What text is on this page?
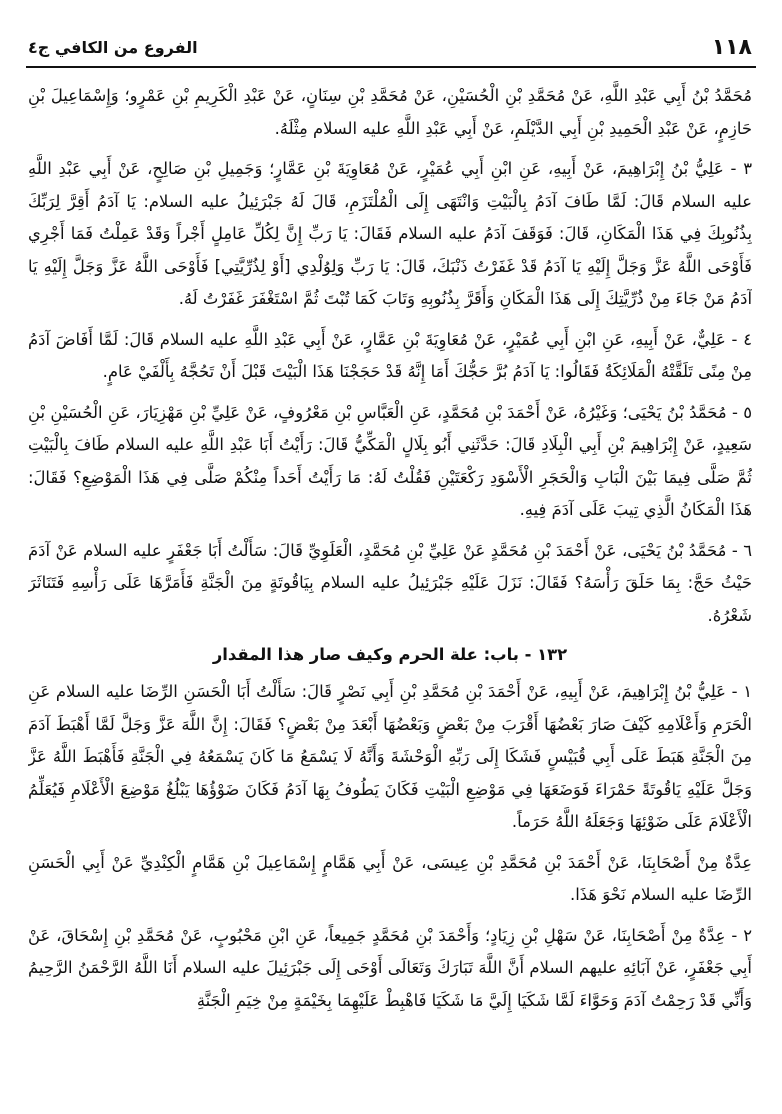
١١٨
الفروع من الكافي ج٤

مُحَمَّدُ بْنُ أَبِي عَبْدِ اللَّهِ، عَنْ مُحَمَّدِ بْنِ الْحُسَيْنِ، عَنْ مُحَمَّدِ بْنِ سِنَانٍ، عَنْ عَبْدِ الْكَرِيمِ بْنِ عَمْرٍو؛ وَإِسْمَاعِيلَ بْنِ حَازِمٍ، عَنْ عَبْدِ الْحَمِيدِ بْنِ أَبِي الدَّيْلَمِ، عَنْ أَبِي عَبْدِ اللَّهِ عليه السلام مِثْلَهُ.

٣ - عَلِيُّ بْنُ إِبْرَاهِيمَ، عَنْ أَبِيهِ، عَنِ ابْنِ أَبِي عُمَيْرٍ، عَنْ مُعَاوِيَةَ بْنِ عَمَّارٍ؛ وَجَمِيلِ بْنِ صَالِحٍ، عَنْ أَبِي عَبْدِ اللَّهِ عليه السلام قَالَ: لَمَّا طَافَ آدَمُ بِالْبَيْتِ وَانْتَهَى إِلَى الْمُلْتَزَمِ، قَالَ لَهُ جَبْرَئِيلُ عليه السلام: يَا آدَمُ أَقِرَّ لِرَبِّكَ بِذُنُوبِكَ فِي هَذَا الْمَكَانِ، قَالَ: فَوَقَفَ آدَمُ عليه السلام فَقَالَ: يَا رَبِّ إِنَّ لِكُلِّ عَامِلٍ أَجْراً وَقَدْ عَمِلْتُ فَمَا أَجْرِي فَأَوْحَى اللَّهُ عَزَّ وَجَلَّ إِلَيْهِ يَا آدَمُ قَدْ غَفَرْتُ ذَنْبَكَ، قَالَ: يَا رَبِّ وَلِوُلْدِي [أَوْ لِذُرِّيَّتِي] فَأَوْحَى اللَّهُ عَزَّ وَجَلَّ إِلَيْهِ يَا آدَمُ مَنْ جَاءَ مِنْ ذُرِّيَّتِكَ إِلَى هَذَا الْمَكَانِ وَأَقَرَّ بِذُنُوبِهِ وَتَابَ كَمَا تُبْتَ ثُمَّ اسْتَغْفَرَ غَفَرْتُ لَهُ.

٤ - عَلِيٌّ، عَنْ أَبِيهِ، عَنِ ابْنِ أَبِي عُمَيْرٍ، عَنْ مُعَاوِيَةَ بْنِ عَمَّارٍ، عَنْ أَبِي عَبْدِ اللَّهِ عليه السلام قَالَ: لَمَّا أَفَاضَ آدَمُ مِنْ مِنًى تَلَقَّتْهُ الْمَلَائِكَةُ فَقَالُوا: يَا آدَمُ بُرَّ حَجُّكَ أَمَا إِنَّهُ قَدْ حَجَجْنَا هَذَا الْبَيْتَ قَبْلَ أَنْ تَحُجَّهُ بِأَلْفَيْ عَامٍ.

٥ - مُحَمَّدُ بْنُ يَحْيَى؛ وَغَيْرُهُ، عَنْ أَحْمَدَ بْنِ مُحَمَّدٍ، عَنِ الْعَبَّاسِ بْنِ مَعْرُوفٍ، عَنْ عَلِيِّ بْنِ مَهْزِيَارَ، عَنِ الْحُسَيْنِ بْنِ سَعِيدٍ، عَنْ إِبْرَاهِيمَ بْنِ أَبِي الْبِلَادِ قَالَ: حَدَّثَنِي أَبُو بِلَالٍ الْمَكِّيُّ قَالَ: رَأَيْتُ أَبَا عَبْدِ اللَّهِ عليه السلام طَافَ بِالْبَيْتِ ثُمَّ صَلَّى فِيمَا بَيْنَ الْبَابِ وَالْحَجَرِ الْأَسْوَدِ رَكْعَتَيْنِ فَقُلْتُ لَهُ: مَا رَأَيْتُ أَحَداً مِنْكُمْ صَلَّى فِي هَذَا الْمَوْضِعِ؟ فَقَالَ: هَذَا الْمَكَانُ الَّذِي تِيبَ عَلَى آدَمَ فِيهِ.

٦ - مُحَمَّدُ بْنُ يَحْيَى، عَنْ أَحْمَدَ بْنِ مُحَمَّدٍ عَنْ عَلِيِّ بْنِ مُحَمَّدٍ، الْعَلَوِيِّ قَالَ: سَأَلْتُ أَبَا جَعْفَرٍ عليه السلام عَنْ آدَمَ حَيْثُ حَجَّ: بِمَا حَلَقَ رَأْسَهُ؟ فَقَالَ: نَزَلَ عَلَيْهِ جَبْرَئِيلُ عليه السلام بِيَاقُوتَةٍ مِنَ الْجَنَّةِ فَأَمَرَّهَا عَلَى رَأْسِهِ فَتَنَاثَرَ شَعْرُهُ.

١٣٢ - باب: علة الحرم وكيف صار هذا المقدار

١ - عَلِيُّ بْنُ إِبْرَاهِيمَ، عَنْ أَبِيهِ، عَنْ أَحْمَدَ بْنِ مُحَمَّدِ بْنِ أَبِي نَصْرٍ قَالَ: سَأَلْتُ أَبَا الْحَسَنِ الرِّضَا عليه السلام عَنِ الْحَرَمِ وَأَعْلَامِهِ كَيْفَ صَارَ بَعْضُهَا أَقْرَبَ مِنْ بَعْضٍ وَبَعْضُهَا أَبْعَدَ مِنْ بَعْضٍ؟ فَقَالَ: إِنَّ اللَّهَ عَزَّ وَجَلَّ لَمَّا أَهْبَطَ آدَمَ مِنَ الْجَنَّةِ هَبَطَ عَلَى أَبِي قُبَيْسٍ فَشَكَا إِلَى رَبِّهِ الْوَحْشَةَ وَأَنَّهُ لَا يَسْمَعُ مَا كَانَ يَسْمَعُهُ فِي الْجَنَّةِ فَأَهْبَطَ اللَّهُ عَزَّ وَجَلَّ عَلَيْهِ يَاقُوتَةً حَمْرَاءَ فَوَضَعَهَا فِي مَوْضِعِ الْبَيْتِ فَكَانَ يَطُوفُ بِهَا آدَمُ فَكَانَ ضَوْؤُهَا يَبْلُغُ مَوْضِعَ الْأَعْلَامِ فَيُعَلِّمُ الْأَعْلَامَ عَلَى ضَوْئِهَا وَجَعَلَهُ اللَّهُ حَرَماً.

عِدَّةٌ مِنْ أَصْحَابِنَا، عَنْ أَحْمَدَ بْنِ مُحَمَّدِ بْنِ عِيسَى، عَنْ أَبِي هَمَّامٍ إِسْمَاعِيلَ بْنِ هَمَّامٍ الْكِنْدِيِّ عَنْ أَبِي الْحَسَنِ الرِّضَا عليه السلام نَحْوَ هَذَا.

٢ - عِدَّةٌ مِنْ أَصْحَابِنَا، عَنْ سَهْلِ بْنِ زِيَادٍ؛ وَأَحْمَدَ بْنِ مُحَمَّدٍ جَمِيعاً، عَنِ ابْنِ مَحْبُوبٍ، عَنْ مُحَمَّدِ بْنِ إِسْحَاقَ، عَنْ أَبِي جَعْفَرٍ، عَنْ آبَائِهِ عليهم السلام أَنَّ اللَّهَ تَبَارَكَ وَتَعَالَى أَوْحَى إِلَى جَبْرَئِيلَ عليه السلام أَنَا اللَّهُ الرَّحْمَنُ الرَّحِيمُ وَأَنِّي قَدْ رَحِمْتُ آدَمَ وَحَوَّاءَ لَمَّا شَكَيَا إِلَيَّ مَا شَكَيَا فَاهْبِطْ عَلَيْهِمَا بِخَيْمَةٍ مِنْ خِيَمِ الْجَنَّةِ
